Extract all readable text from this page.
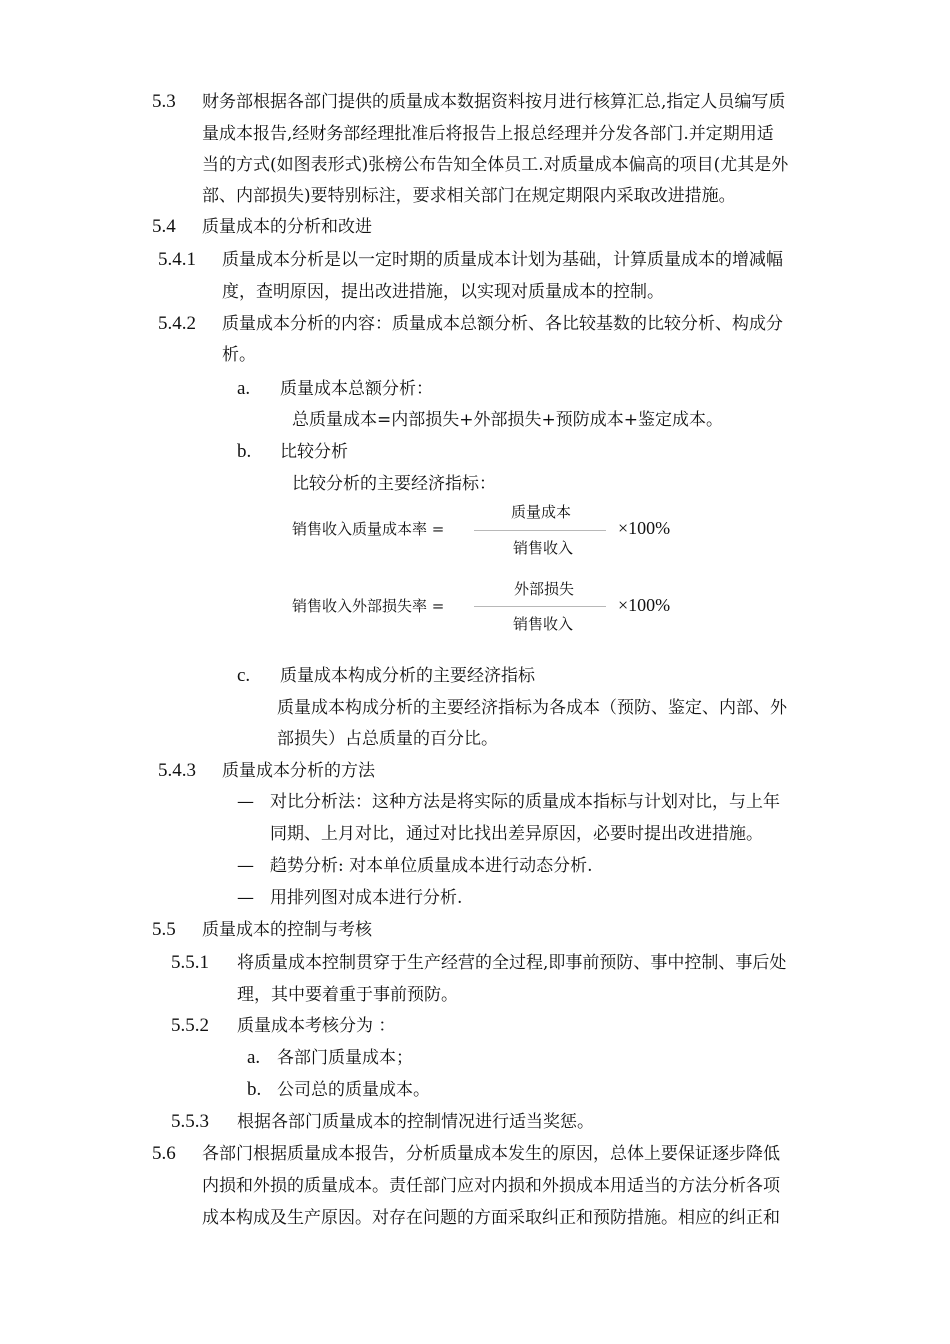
5.3 财务部根据各部门提供的质量成本数据资料按月进行核算汇总,指定人员编写质
量成本报告,经财务部经理批准后将报告上报总经理并分发各部门.并定期用适
当的方式(如图表形式)张榜公布告知全体员工.对质量成本偏高的项目(尤其是外
部、内部损失)要特别标注，要求相关部门在规定期限内采取改进措施。
5.4 质量成本的分析和改进
5.4.1 质量成本分析是以一定时期的质量成本计划为基础，计算质量成本的增减幅
度，查明原因，提出改进措施，以实现对质量成本的控制。
5.4.2 质量成本分析的内容：质量成本总额分析、各比较基数的比较分析、构成分
析。
a. 质量成本总额分析：
总质量成本=内部损失+外部损失+预防成本+鉴定成本。
b. 比较分析
比较分析的主要经济指标：
销售收入质量成本率 =
质量成本
销售收入
×100%
销售收入外部损失率 =
外部损失
销售收入
×100%
c. 质量成本构成分析的主要经济指标
质量成本构成分析的主要经济指标为各成本（预防、鉴定、内部、外
部损失）占总质量的百分比。
5.4.3 质量成本分析的方法
— 对比分析法：这种方法是将实际的质量成本指标与计划对比，与上年
同期、上月对比，通过对比找出差异原因，必要时提出改进措施。
— 趋势分析: 对本单位质量成本进行动态分析.
— 用排列图对成本进行分析.
5.5 质量成本的控制与考核
5.5.1 将质量成本控制贯穿于生产经营的全过程,即事前预防、事中控制、事后处
理，其中要着重于事前预防。
5.5.2 质量成本考核分为 ：
a. 各部门质量成本；
b. 公司总的质量成本。
5.5.3 根据各部门质量成本的控制情况进行适当奖惩。
5.6 各部门根据质量成本报告，分析质量成本发生的原因，总体上要保证逐步降低
内损和外损的质量成本。责任部门应对内损和外损成本用适当的方法分析各项
成本构成及生产原因。对存在问题的方面采取纠正和预防措施。相应的纠正和
